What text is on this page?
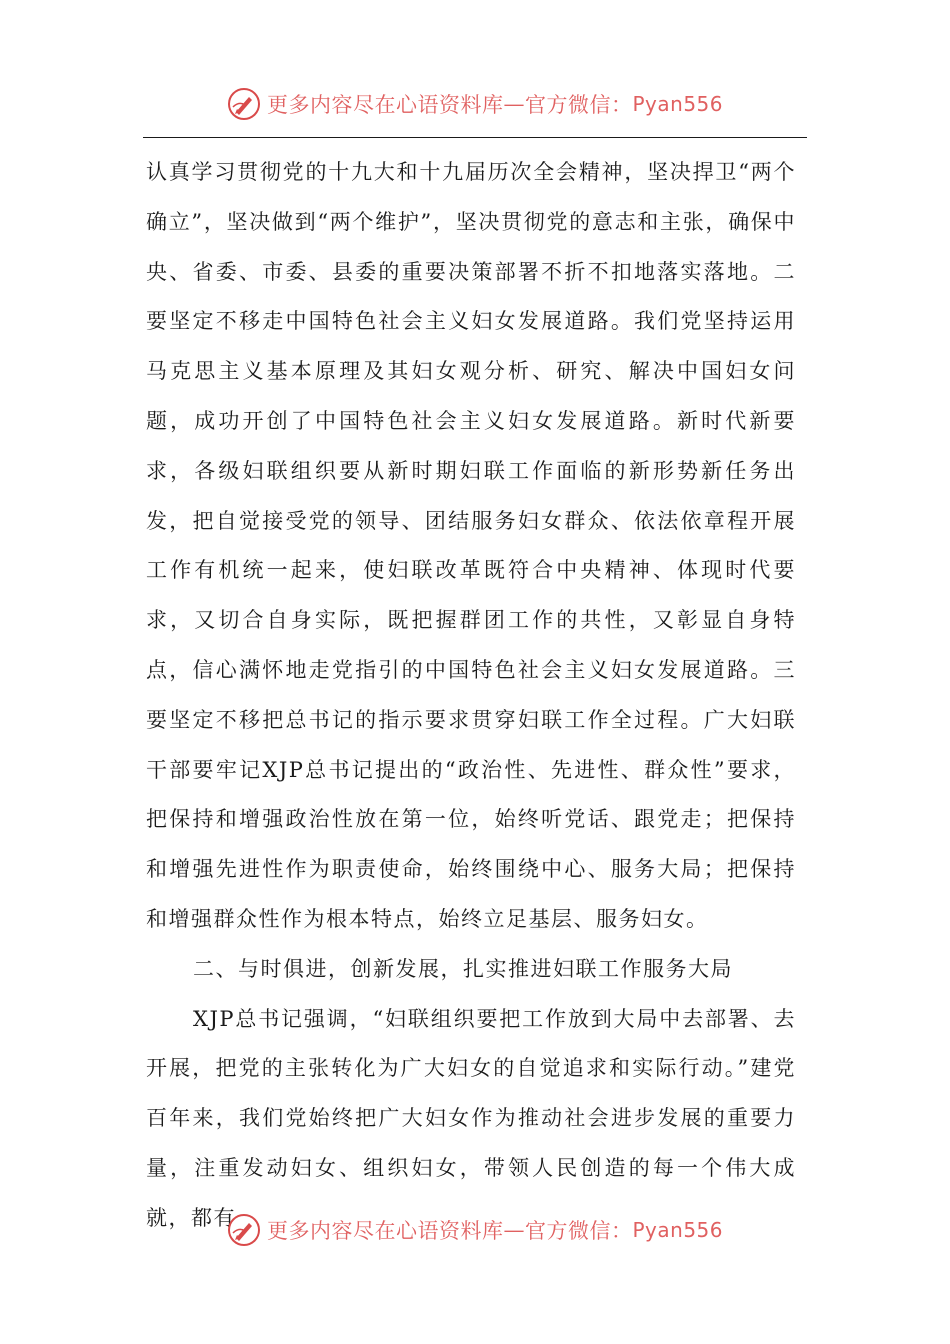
更多内容尽在心语资料库 — 官方微信： Pyan556

认真学习贯彻党的十九大和十九届历次全会精神，坚决捍卫“两个确立”，坚决做到“两个维护”，坚决贯彻党的意志和主张，确保中央、省委、市委、县委的重要决策部署不折不扣地落实落地。二要坚定不移走中国特色社会主义妇女发展道路。我们党坚持运用马克思主义基本原理及其妇女观分析、研究、解决中国妇女问题，成功开创了中国特色社会主义妇女发展道路。新时代新要求，各级妇联组织要从新时期妇联工作面临的新形势新任务出发，把自觉接受党的领导、团结服务妇女群众、依法依章程开展工作有机统一起来，使妇联改革既符合中央精神、体现时代要求，又切合自身实际，既把握群团工作的共性，又彰显自身特点，信心满怀地走党指引的中国特色社会主义妇女发展道路。三要坚定不移把总书记的指示要求贯穿妇联工作全过程。广大妇联干部要牢记XJP总书记提出的“政治性、先进性、群众性”要求，把保持和增强政治性放在第一位，始终听党话、跟党走；把保持和增强先进性作为职责使命，始终围绕中心、服务大局；把保持和增强群众性作为根本特点，始终立足基层、服务妇女。

二、与时俱进，创新发展，扎实推进妇联工作服务大局

XJP总书记强调，“妇联组织要把工作放到大局中去部署、去开展，把党的主张转化为广大妇女的自觉追求和实际行动。”建党百年来，我们党始终把广大妇女作为推动社会进步发展的重要力量，注重发动妇女、组织妇女，带领人民创造的每一个伟大成就，都有

更多内容尽在心语资料库 — 官方微信： Pyan556
